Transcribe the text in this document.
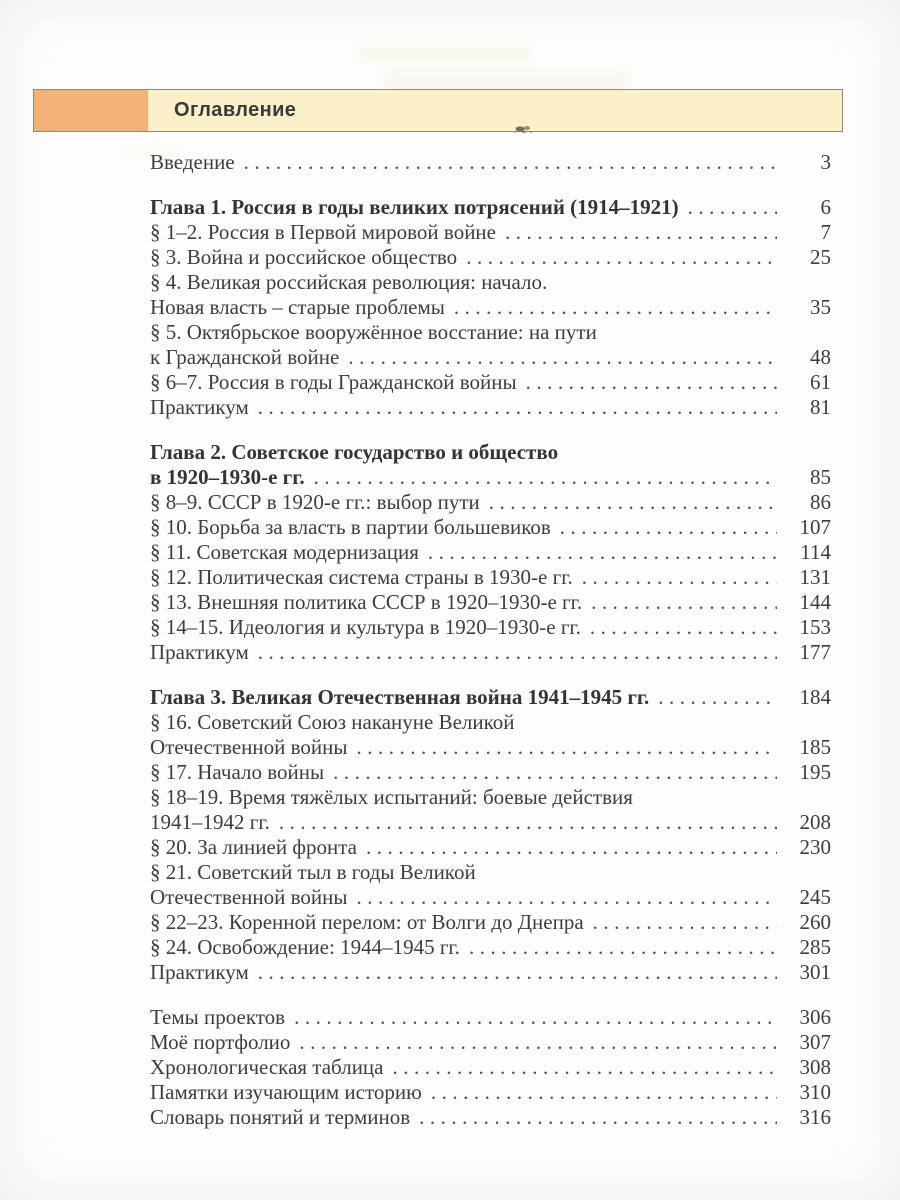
Оглавление
Введение .....	3
Глава 1. Россия в годы великих потрясений (1914–1921) .....	6
§ 1–2. Россия в Первой мировой войне .....	7
§ 3. Война и российское общество .....	25
§ 4. Великая российская революция: начало.
Новая власть – старые проблемы .....	35
§ 5. Октябрьское вооружённое восстание: на пути
к Гражданской войне .....	48
§ 6–7. Россия в годы Гражданской войны .....	61
Практикум .....	81
Глава 2. Советское государство и общество
в 1920–1930-е гг. .....	85
§ 8–9. СССР в 1920-е гг.: выбор пути .....	86
§ 10. Борьба за власть в партии большевиков .....	107
§ 11. Советская модернизация .....	114
§ 12. Политическая система страны в 1930-е гг. .....	131
§ 13. Внешняя политика СССР в 1920–1930-е гг. .....	144
§ 14–15. Идеология и культура в 1920–1930-е гг. .....	153
Практикум .....	177
Глава 3. Великая Отечественная война 1941–1945 гг. .....	184
§ 16. Советский Союз накануне Великой
Отечественной войны .....	185
§ 17. Начало войны .....	195
§ 18–19. Время тяжёлых испытаний: боевые действия
1941–1942 гг. .....	208
§ 20. За линией фронта .....	230
§ 21. Советский тыл в годы Великой
Отечественной войны .....	245
§ 22–23. Коренной перелом: от Волги до Днепра .....	260
§ 24. Освобождение: 1944–1945 гг. .....	285
Практикум .....	301
Темы проектов .....	306
Моё портфолио .....	307
Хронологическая таблица .....	308
Памятки изучающим историю .....	310
Словарь понятий и терминов .....	316
